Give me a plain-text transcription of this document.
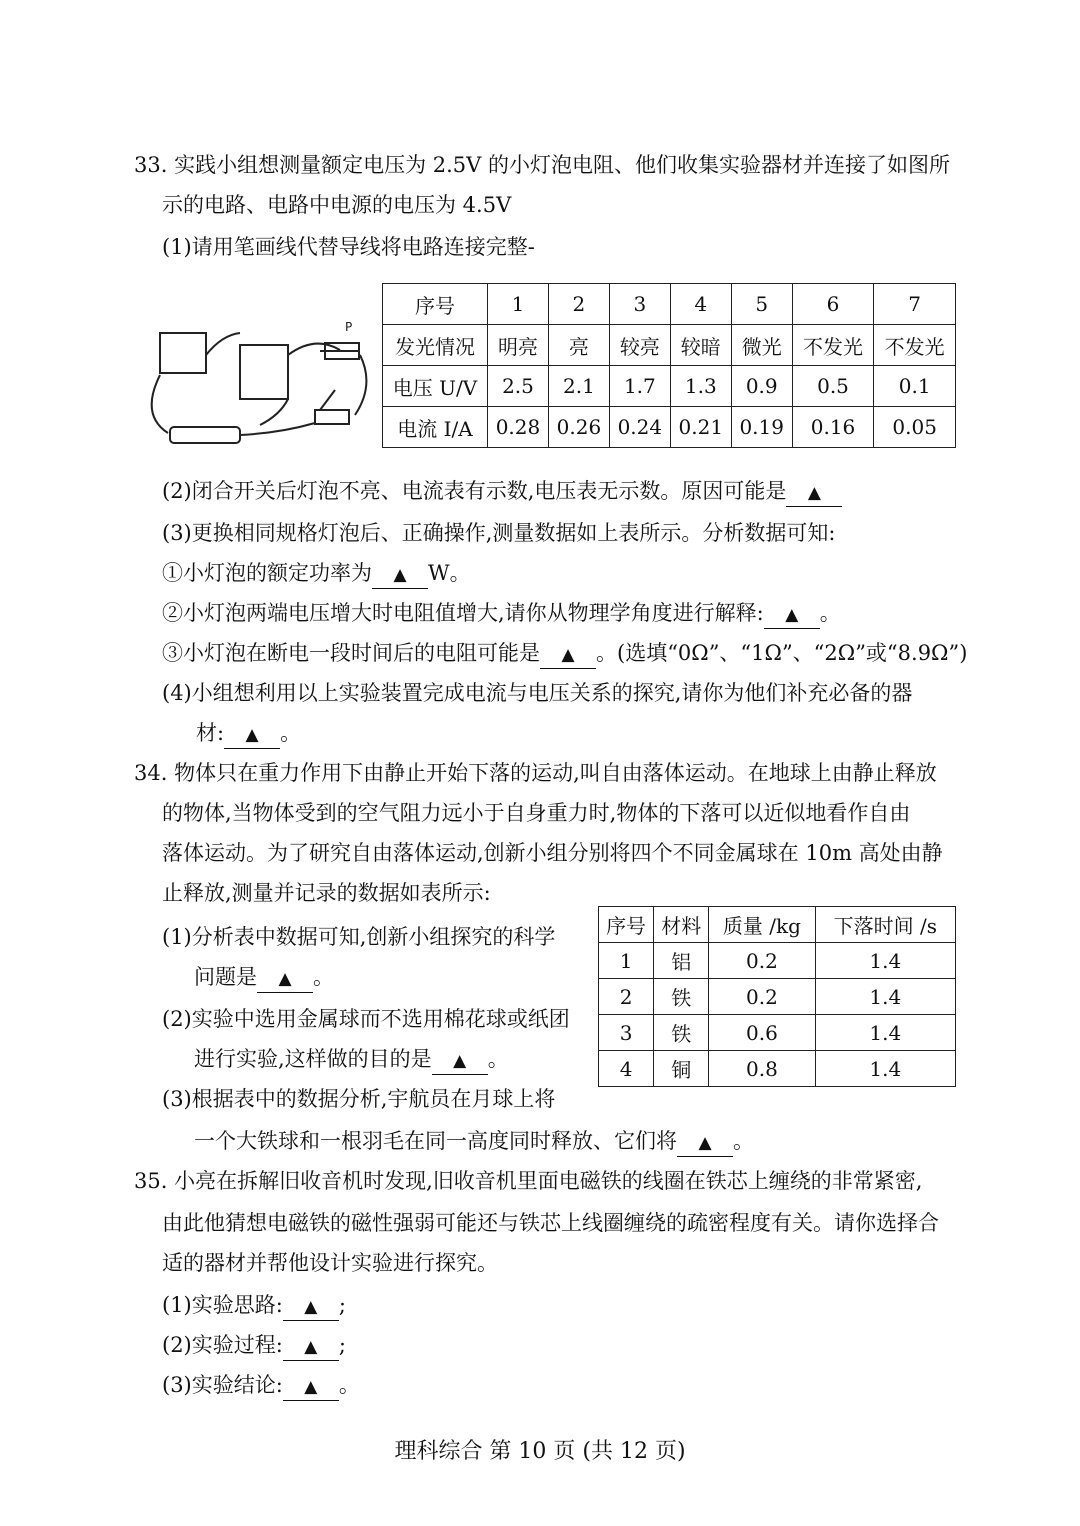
33. 实践小组想测量额定电压为 2.5V 的小灯泡电阻、他们收集实验器材并连接了如图所
示的电路、电路中电源的电压为 4.5V
(1)请用笔画线代替导线将电路连接完整-
P
序号	1	2	3	4	5	6	7
发光情况	明亮	亮	较亮	较暗	微光	不发光	不发光
电压 U/V	2.5	2.1	1.7	1.3	0.9	0.5	0.1
电流 I/A	0.28	0.26	0.24	0.21	0.19	0.16	0.05
(2)闭合开关后灯泡不亮、电流表有示数,电压表无示数。原因可能是 ▲
(3)更换相同规格灯泡后、正确操作,测量数据如上表所示。分析数据可知:
①小灯泡的额定功率为 ▲ W。
②小灯泡两端电压增大时电阻值增大,请你从物理学角度进行解释: ▲ 。
③小灯泡在断电一段时间后的电阻可能是 ▲ 。(选填“0Ω”、“1Ω”、“2Ω”或“8.9Ω”)
(4)小组想利用以上实验装置完成电流与电压关系的探究,请你为他们补充必备的器
材: ▲ 。
34. 物体只在重力作用下由静止开始下落的运动,叫自由落体运动。在地球上由静止释放
的物体,当物体受到的空气阻力远小于自身重力时,物体的下落可以近似地看作自由
落体运动。为了研究自由落体运动,创新小组分别将四个不同金属球在 10m 高处由静
止释放,测量并记录的数据如表所示:
序号	材料	质量 /kg	下落时间 /s
1	铝	0.2	1.4
2	铁	0.2	1.4
3	铁	0.6	1.4
4	铜	0.8	1.4
(1)分析表中数据可知,创新小组探究的科学
问题是 ▲ 。
(2)实验中选用金属球而不选用棉花球或纸团
进行实验,这样做的目的是 ▲ 。
(3)根据表中的数据分析,宇航员在月球上将
一个大铁球和一根羽毛在同一高度同时释放、它们将 ▲ 。
35. 小亮在拆解旧收音机时发现,旧收音机里面电磁铁的线圈在铁芯上缠绕的非常紧密,
由此他猜想电磁铁的磁性强弱可能还与铁芯上线圈缠绕的疏密程度有关。请你选择合
适的器材并帮他设计实验进行探究。
(1)实验思路: ▲ ;
(2)实验过程: ▲ ;
(3)实验结论: ▲ 。
理科综合 第 10 页 (共 12 页)
